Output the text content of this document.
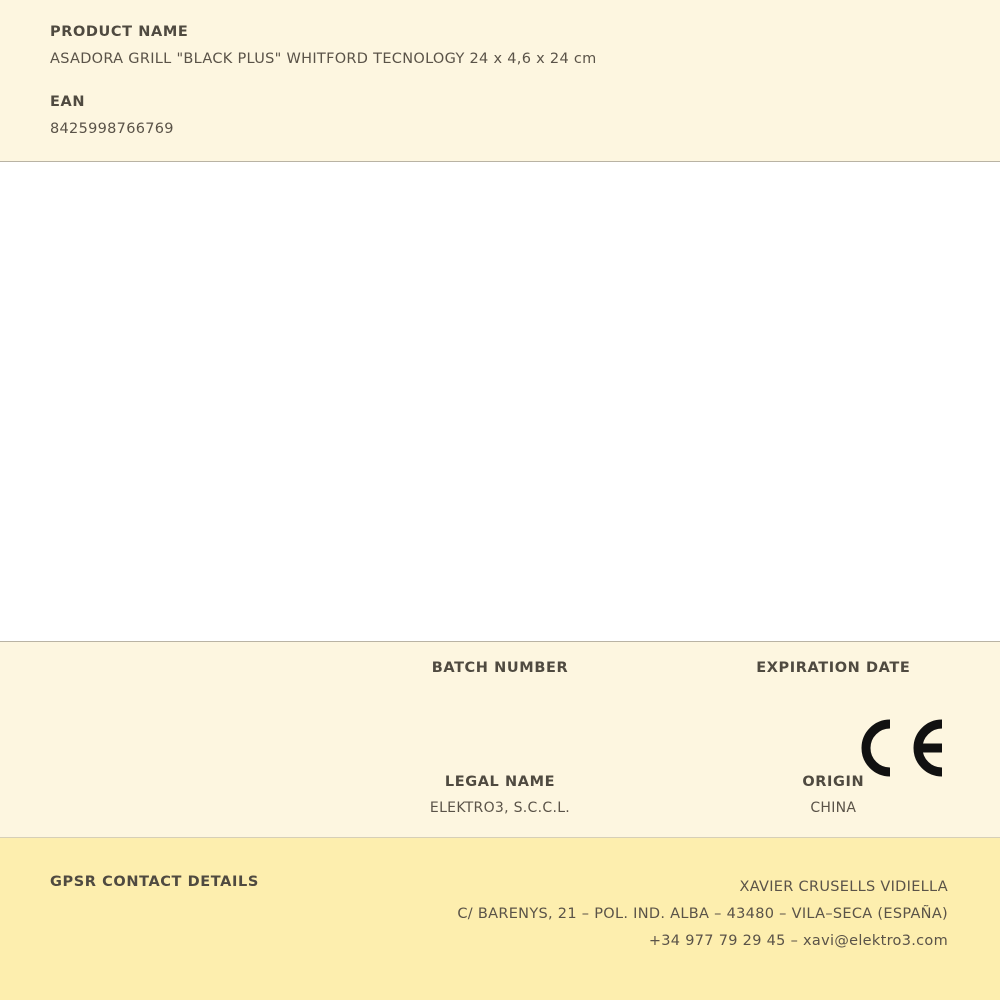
PRODUCT NAME

ASADORA GRILL "BLACK PLUS" WHITFORD TECNOLOGY 24 x 4,6 x 24 cm

EAN

8425998766769

BATCH NUMBER	EXPIRATION DATE

LEGAL NAME

ELEKTRO3, S.C.C.L.

ORIGIN

CHINA

GPSR CONTACT DETAILS	XAVIER CRUSELLS VIDIELLA
C/ BARENYS, 21 – POL. IND. ALBA – 43480 – VILA–SECA (ESPAÑA)
+34 977 79 29 45 – xavi@elektro3.com
